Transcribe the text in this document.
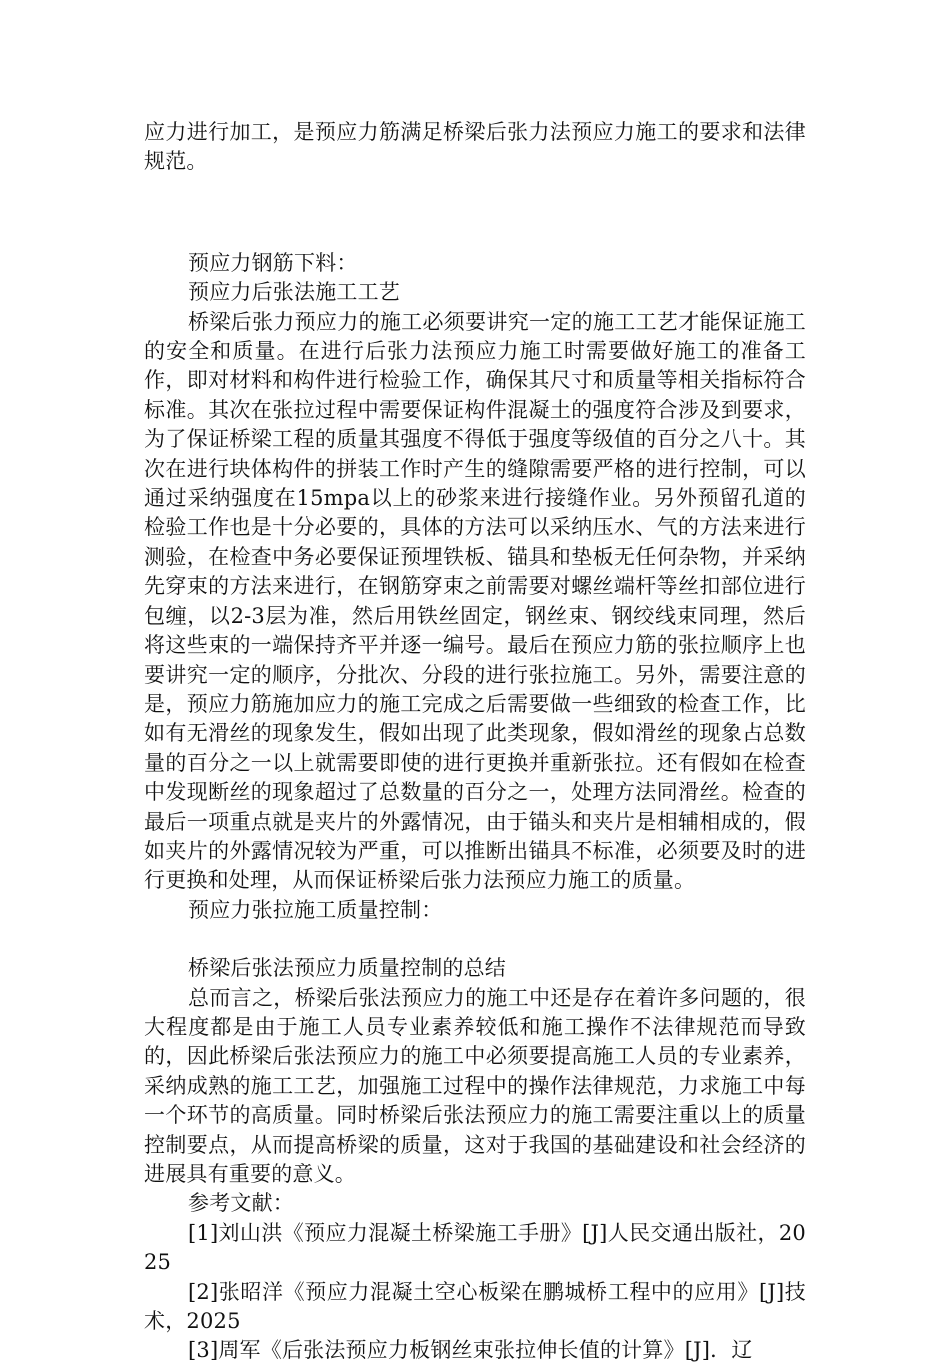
应力进行加工，是预应力筋满足桥梁后张力法预应力施工的要求和法律规范。

预应力钢筋下料：

预应力后张法施工工艺

桥梁后张力预应力的施工必须要讲究一定的施工工艺才能保证施工的安全和质量。在进行后张力法预应力施工时需要做好施工的准备工作，即对材料和构件进行检验工作，确保其尺寸和质量等相关指标符合标准。其次在张拉过程中需要保证构件混凝土的强度符合涉及到要求，为了保证桥梁工程的质量其强度不得低于强度等级值的百分之八十。其次在进行块体构件的拼装工作时产生的缝隙需要严格的进行控制，可以通过采纳强度在15mpa以上的砂浆来进行接缝作业。另外预留孔道的检验工作也是十分必要的，具体的方法可以采纳压水、气的方法来进行测验，在检查中务必要保证预埋铁板、锚具和垫板无任何杂物，并采纳先穿束的方法来进行，在钢筋穿束之前需要对螺丝端杆等丝扣部位进行包缠，以2-3层为准，然后用铁丝固定，钢丝束、钢绞线束同理，然后将这些束的一端保持齐平并逐一编号。最后在预应力筋的张拉顺序上也要讲究一定的顺序，分批次、分段的进行张拉施工。另外，需要注意的是，预应力筋施加应力的施工完成之后需要做一些细致的检查工作，比如有无滑丝的现象发生，假如出现了此类现象，假如滑丝的现象占总数量的百分之一以上就需要即使的进行更换并重新张拉。还有假如在检查中发现断丝的现象超过了总数量的百分之一，处理方法同滑丝。检查的最后一项重点就是夹片的外露情况，由于锚头和夹片是相辅相成的，假如夹片的外露情况较为严重，可以推断出锚具不标准，必须要及时的进行更换和处理，从而保证桥梁后张力法预应力施工的质量。

预应力张拉施工质量控制：

桥梁后张法预应力质量控制的总结

总而言之，桥梁后张法预应力的施工中还是存在着许多问题的，很大程度都是由于施工人员专业素养较低和施工操作不法律规范而导致的，因此桥梁后张法预应力的施工中必须要提高施工人员的专业素养，采纳成熟的施工工艺，加强施工过程中的操作法律规范，力求施工中每一个环节的高质量。同时桥梁后张法预应力的施工需要注重以上的质量控制要点，从而提高桥梁的质量，这对于我国的基础建设和社会经济的进展具有重要的意义。

参考文献：

[1]刘山洪《预应力混凝土桥梁施工手册》[J]人民交通出版社，2025

[2]张昭洋《预应力混凝土空心板梁在鹏城桥工程中的应用》[J]技术，2025

[3]周军《后张法预应力板钢丝束张拉伸长值的计算》[J]．辽
